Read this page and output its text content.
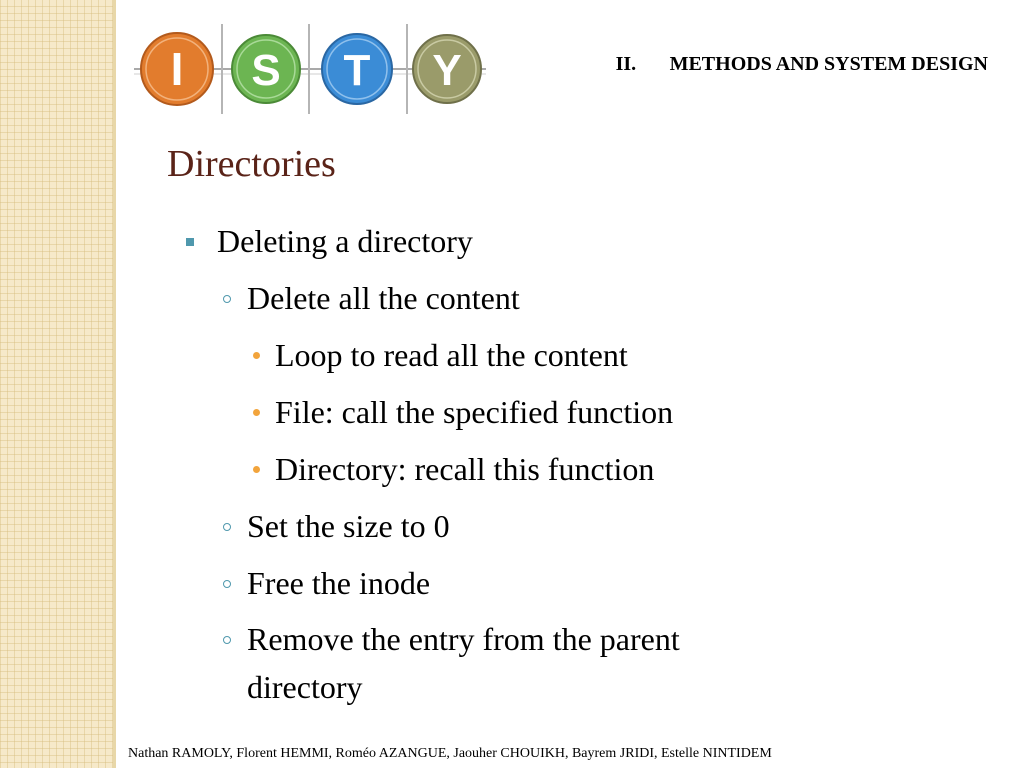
I S T Y	II. METHODS AND SYSTEM DESIGN
Directories
Deleting a directory
Delete all the content
Loop to read all the content
File: call the specified function
Directory: recall this function
Set the size to 0
Free the inode
Remove the entry from the parent
directory
Nathan RAMOLY, Florent HEMMI, Roméo AZANGUE, Jaouher CHOUIKH, Bayrem JRIDI, Estelle NINTIDEM
